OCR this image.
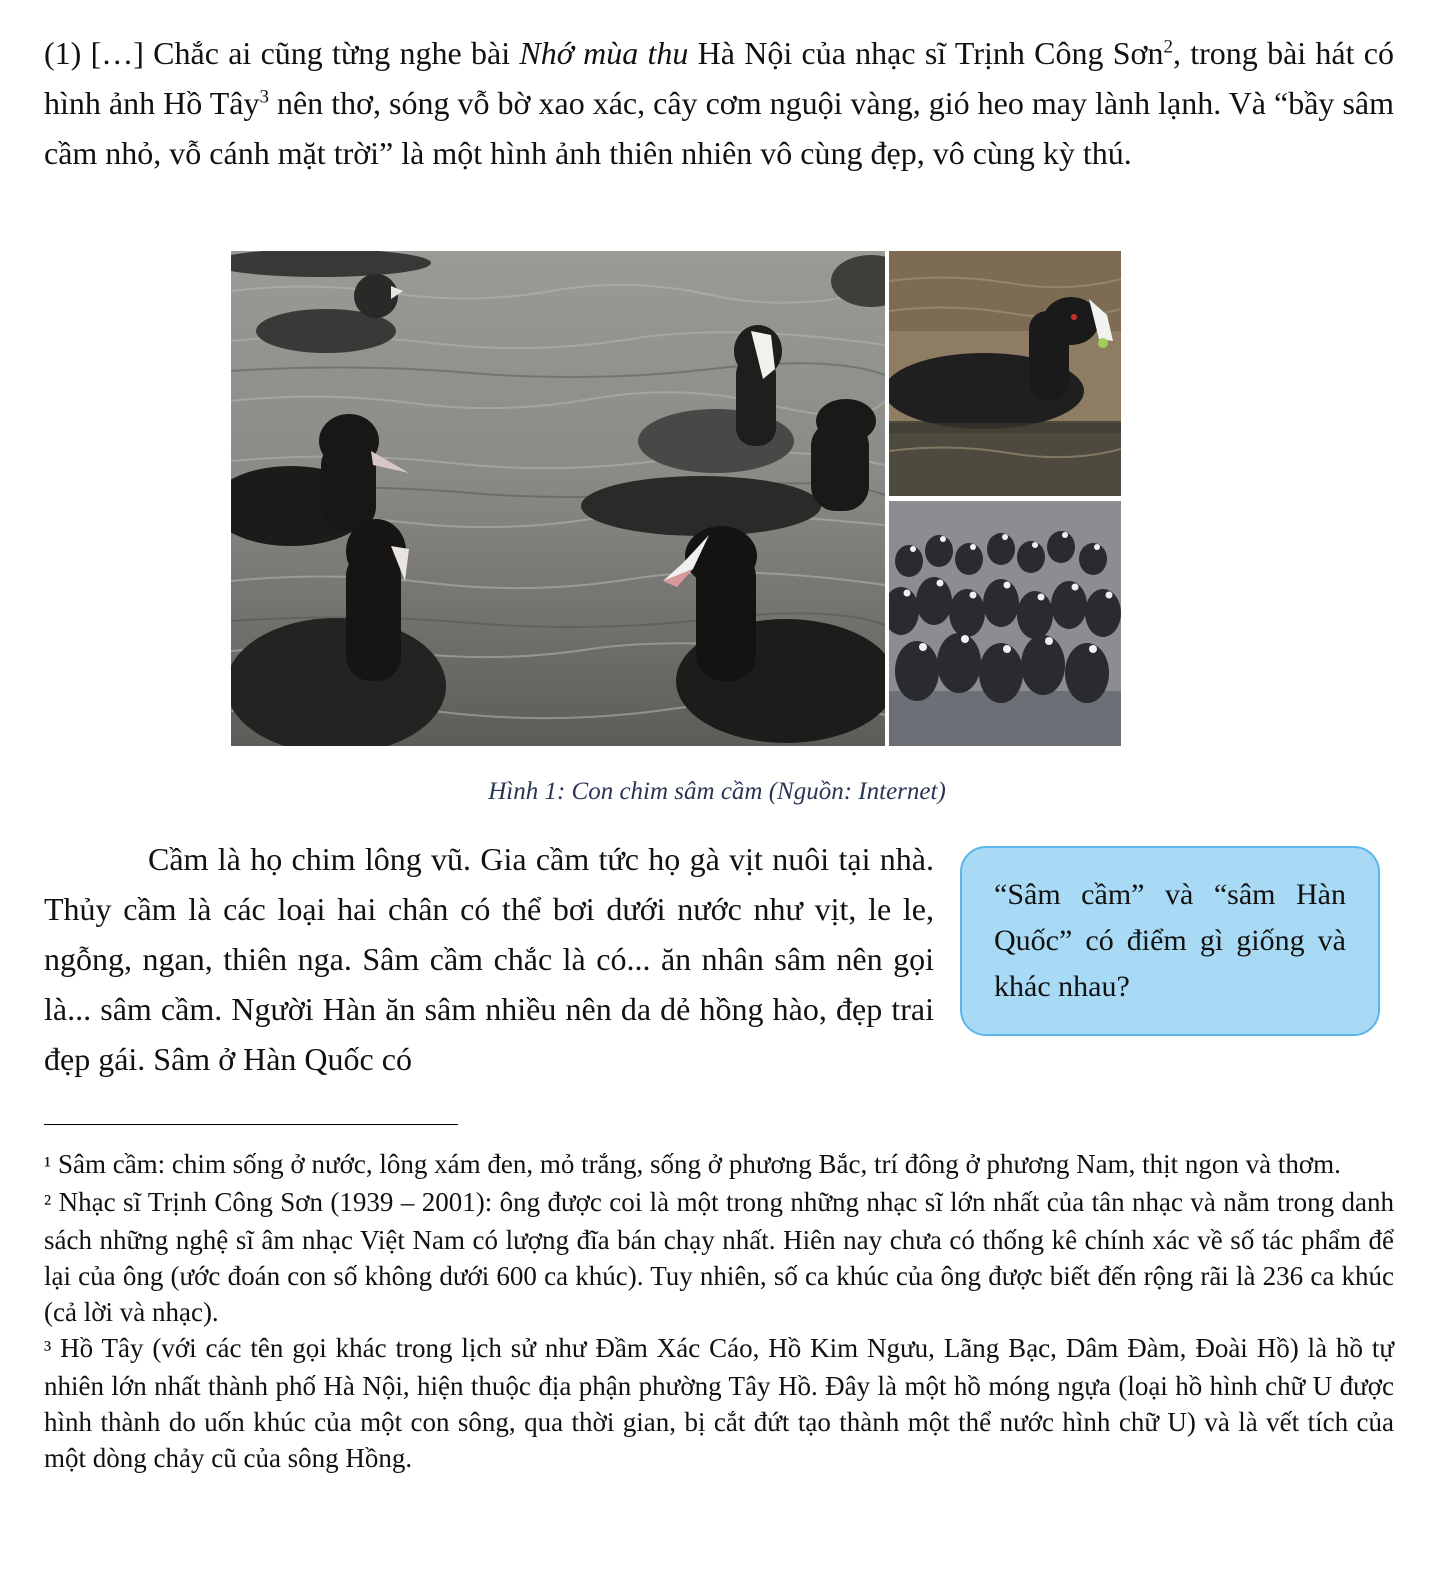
(1) […] Chắc ai cũng từng nghe bài Nhớ mùa thu Hà Nội của nhạc sĩ Trịnh Công Sơn$^2$, trong bài hát có hình ảnh Hồ Tây$^3$ nên thơ, sóng vỗ bờ xao xác, cây cơm nguội vàng, gió heo may lành lạnh. Và “bầy sâm cầm nhỏ, vỗ cánh mặt trời” là một hình ảnh thiên nhiên vô cùng đẹp, vô cùng kỳ thú.

Hình 1: Con chim sâm cầm (Nguồn: Internet)

Cầm là họ chim lông vũ. Gia cầm tức họ gà vịt nuôi tại nhà. Thủy cầm là các loại hai chân có thể bơi dưới nước như vịt, le le, ngỗng, ngan, thiên nga. Sâm cầm chắc là có... ăn nhân sâm nên gọi là... sâm cầm. Người Hàn ăn sâm nhiều nên da dẻ hồng hào, đẹp trai đẹp gái. Sâm ở Hàn Quốc có

“Sâm cầm” và “sâm Hàn Quốc” có điểm gì giống và khác nhau?

¹ Sâm cầm: chim sống ở nước, lông xám đen, mỏ trắng, sống ở phương Bắc, trí đông ở phương Nam, thịt ngon và thơm.

² Nhạc sĩ Trịnh Công Sơn (1939 – 2001): ông được coi là một trong những nhạc sĩ lớn nhất của tân nhạc và nằm trong danh sách những nghệ sĩ âm nhạc Việt Nam có lượng đĩa bán chạy nhất. Hiên nay chưa có thống kê chính xác về số tác phẩm để lại của ông (ước đoán con số không dưới 600 ca khúc). Tuy nhiên, số ca khúc của ông được biết đến rộng rãi là 236 ca khúc (cả lời và nhạc).

³ Hồ Tây (với các tên gọi khác trong lịch sử như Đầm Xác Cáo, Hồ Kim Ngưu, Lãng Bạc, Dâm Đàm, Đoài Hồ) là hồ tự nhiên lớn nhất thành phố Hà Nội, hiện thuộc địa phận phường Tây Hồ. Đây là một hồ móng ngựa (loại hồ hình chữ U được hình thành do uốn khúc của một con sông, qua thời gian, bị cắt đứt tạo thành một thể nước hình chữ U) và là vết tích của một dòng chảy cũ của sông Hồng.
